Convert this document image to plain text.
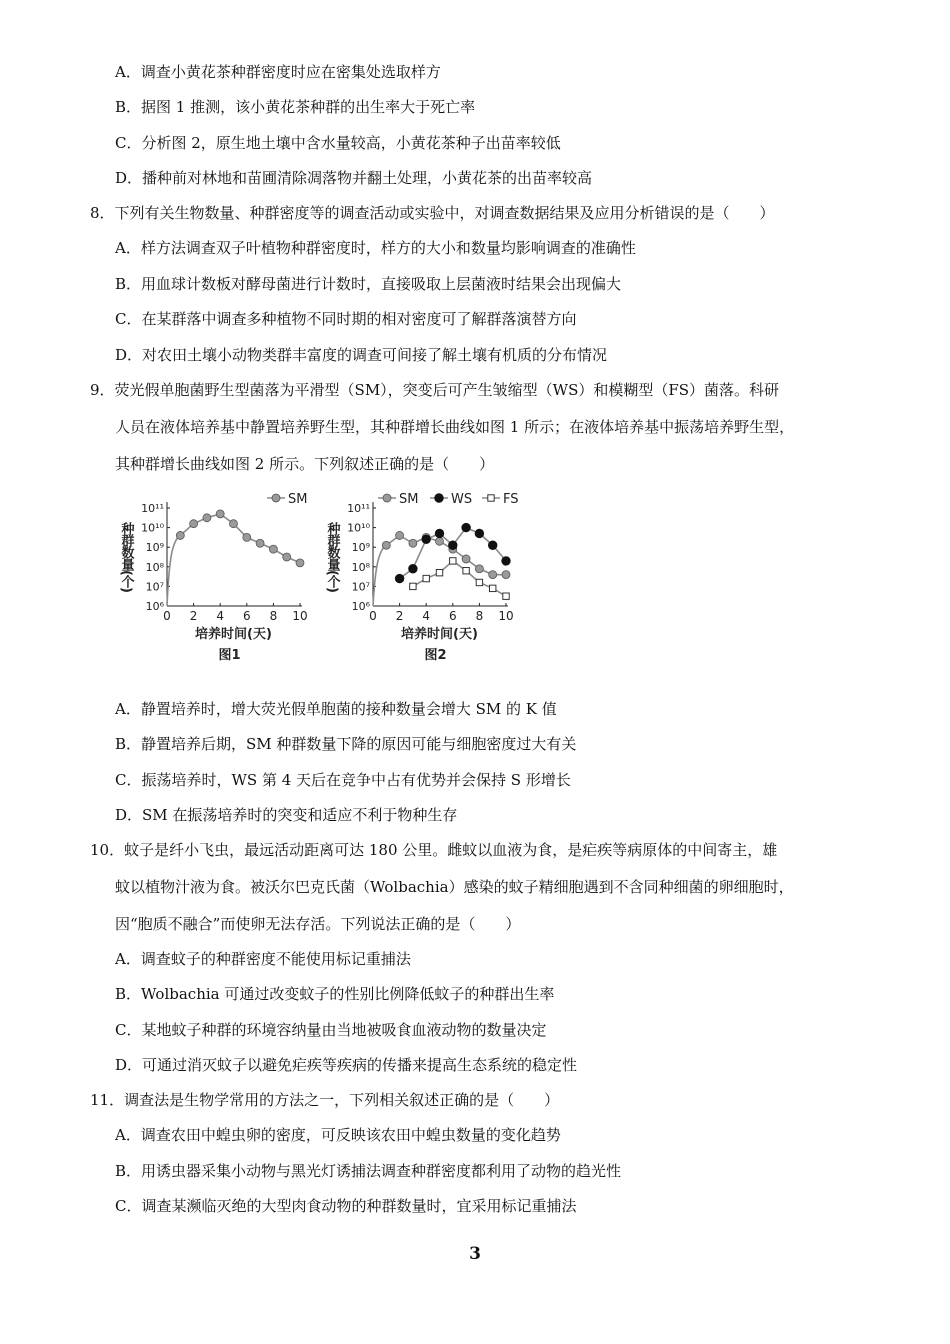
A．调查小黄花茶种群密度时应在密集处选取样方
B．据图 1 推测，该小黄花茶种群的出生率大于死亡率
C．分析图 2，原生地土壤中含水量较高，小黄花茶种子出苗率较低
D．播种前对林地和苗圃清除凋落物并翻土处理，小黄花茶的出苗率较高
8．下列有关生物数量、种群密度等的调查活动或实验中，对调查数据结果及应用分析错误的是（　　）
A．样方法调查双子叶植物种群密度时，样方的大小和数量均影响调查的准确性
B．用血球计数板对酵母菌进行计数时，直接吸取上层菌液时结果会出现偏大
C．在某群落中调查多种植物不同时期的相对密度可了解群落演替方向
D．对农田土壤小动物类群丰富度的调查可间接了解土壤有机质的分布情况
9．荧光假单胞菌野生型菌落为平滑型（SM），突变后可产生皱缩型（WS）和模糊型（FS）菌落。科研
人员在液体培养基中静置培养野生型，其种群增长曲线如图 1 所示；在液体培养基中振荡培养野生型，
其种群增长曲线如图 2 所示。下列叙述正确的是（　　）
种群数量(个)
10⁶
10⁷
10⁸
10⁹
10¹⁰
10¹¹
0 2 4 6 8 10
培养时间(天)
图1
SM
种群数量(个)
10⁶
10⁷
10⁸
10⁹
10¹⁰
10¹¹
0 2 4 6 8 10
培养时间(天)
图2
SM	WS FS
A．静置培养时，增大荧光假单胞菌的接种数量会增大 SM 的 K 值
B．静置培养后期，SM 种群数量下降的原因可能与细胞密度过大有关
C．振荡培养时，WS 第 4 天后在竞争中占有优势并会保持 S 形增长
D．SM 在振荡培养时的突变和适应不利于物种生存
10．蚊子是纤小飞虫，最远活动距离可达 180 公里。雌蚊以血液为食，是疟疾等病原体的中间寄主，雄
蚊以植物汁液为食。被沃尔巴克氏菌（Wolbachia）感染的蚊子精细胞遇到不含同种细菌的卵细胞时，
因“胞质不融合”而使卵无法存活。下列说法正确的是（　　）
A．调查蚊子的种群密度不能使用标记重捕法
B．Wolbachia 可通过改变蚊子的性别比例降低蚊子的种群出生率
C．某地蚊子种群的环境容纳量由当地被吸食血液动物的数量决定
D．可通过消灭蚊子以避免疟疾等疾病的传播来提高生态系统的稳定性
11．调查法是生物学常用的方法之一，下列相关叙述正确的是（　　）
A．调查农田中蝗虫卵的密度，可反映该农田中蝗虫数量的变化趋势
B．用诱虫器采集小动物与黑光灯诱捕法调查种群密度都利用了动物的趋光性
C．调查某濒临灭绝的大型肉食动物的种群数量时，宜采用标记重捕法
3
